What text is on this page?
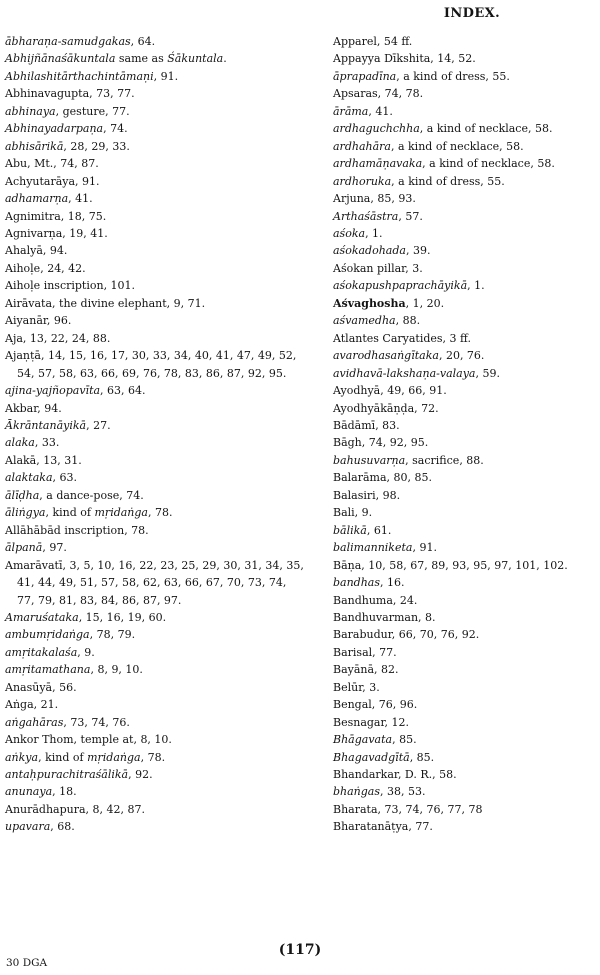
INDEX.

ābharaṇa-samudgakas, 64.

Abhijñānaśākuntala same as Śākuntala.

Abhilashitārthachintāmaṇi, 91.

Abhinavagupta, 73, 77.

abhinaya, gesture, 77.

Abhinayadarpaṇa, 74.

abhisārikā, 28, 29, 33.

Abu, Mt., 74, 87.

Achyutarāya, 91.

adhamarṇa, 41.

Agnimitra, 18, 75.

Agnivarṇa, 19, 41.

Ahalyā, 94.

Aihoḷe, 24, 42.

Aihoḷe inscription, 101.

Airāvata, the divine elephant, 9, 71.

Aiyanār, 96.

Aja, 13, 22, 24, 88.

Ajaṇṭā, 14, 15, 16, 17, 30, 33, 34, 40, 41, 47, 49, 52,

54, 57, 58, 63, 66, 69, 76, 78, 83, 86, 87, 92, 95.

ajina-yajñopavīta, 63, 64.

Akbar, 94.

Ākrāntanāyikā, 27.

alaka, 33.

Alakā, 13, 31.

alaktaka, 63.

ālīḍha, a dance-pose, 74.

āliṅgya, kind of mṛidaṅga, 78.

Allāhābād inscription, 78.

ālpanā, 97.

Amarāvatī, 3, 5, 10, 16, 22, 23, 25, 29, 30, 31, 34, 35,

41, 44, 49, 51, 57, 58, 62, 63, 66, 67, 70, 73, 74,

77, 79, 81, 83, 84, 86, 87, 97.

Amaruśataka, 15, 16, 19, 60.

ambumṛidaṅga, 78, 79.

amṛitakalaśa, 9.

amṛitamathana, 8, 9, 10.

Anasūyā, 56.

Aṅga, 21.

aṅgahāras, 73, 74, 76.

Ankor Thom, temple at, 8, 10.

aṅkya, kind of mṛidaṅga, 78.

antaḥpurachitraśālikā, 92.

anunaya, 18.

Anurādhapura, 8, 42, 87.

upavara, 68.

Apparel, 54 ff.

Appayya Dīkshita, 14, 52.

āprapadīna, a kind of dress, 55.

Apsaras, 74, 78.

ārāma, 41.

ardhaguchchha, a kind of necklace, 58.

ardhahāra, a kind of necklace, 58.

ardhamāṇavaka, a kind of necklace, 58.

ardhoruka, a kind of dress, 55.

Arjuna, 85, 93.

Arthaśāstra, 57.

aśoka, 1.

aśokadohada, 39.

Aśokan pillar, 3.

aśokapushpaprachāyikā, 1.

Aśvaghosha, 1, 20.

aśvamedha, 88.

Atlantes Caryatides, 3 ff.

avarodhasaṅgītaka, 20, 76.

avidhavā-lakshaṇa-valaya, 59.

Ayodhyā, 49, 66, 91.

Ayodhyākāṇḍa, 72.

Bādāmī, 83.

Bāgh, 74, 92, 95.

bahusuvarṇa, sacrifice, 88.

Balarāma, 80, 85.

Balasiri, 98.

Bali, 9.

bālikā, 61.

balimanniketa, 91.

Bāṇa, 10, 58, 67, 89, 93, 95, 97, 101, 102.

bandhas, 16.

Bandhuma, 24.

Bandhuvarman, 8.

Barabudur, 66, 70, 76, 92.

Barisal, 77.

Bayānā, 82.

Belūr, 3.

Bengal, 76, 96.

Besnagar, 12.

Bhāgavata, 85.

Bhagavadgītā, 85.

Bhandarkar, D. R., 58.

bhaṅgas, 38, 53.

Bharata, 73, 74, 76, 77, 78

Bharatanāṭya, 77.

(117)
30 DGA
